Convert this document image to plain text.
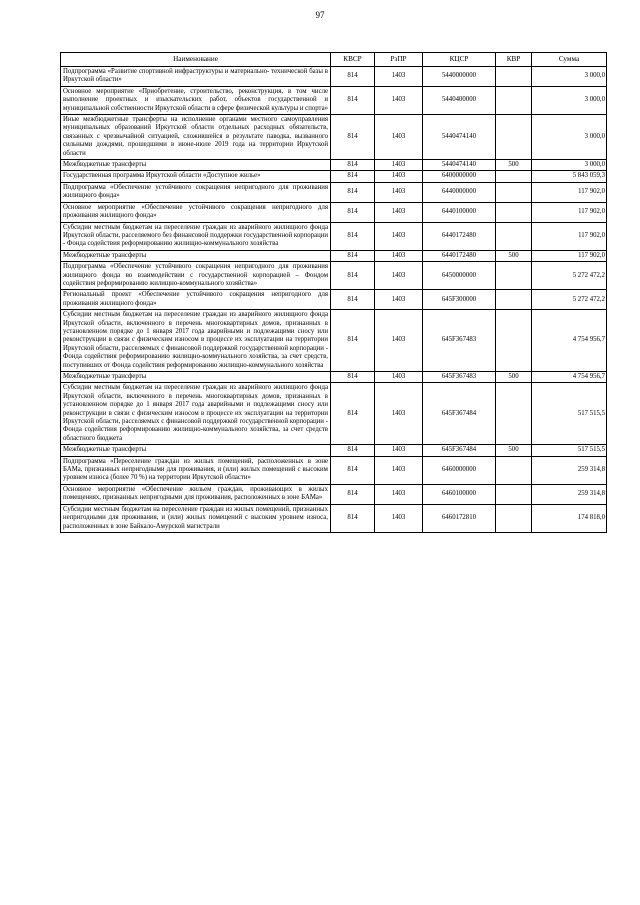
97
Наименование	КВСР	РзПР	КЦСР	КВР	Сумма
Подпрограмма «Развитие спортивной инфраструктуры и материально- технической базы в Иркутской области»	814	1403	5440000000		3 000,0
Основное мероприятие «Приобретение, строительство, реконструкция, в том числе выполнение проектных и изыскательских работ, объектов государственной и муниципальной собственности Иркутской области в сфере физической культуры и спорта»	814	1403	5440400000		3 000,0
Иные межбюджетные трансферты на исполнение органами местного самоуправления муниципальных образований Иркутской области отдельных расходных обязательств, связанных с чрезвычайной ситуацией, сложившейся в результате паводка, вызванного сильными дождями, прошедшими в июне-июле 2019 года на территории Иркутской области	814	1403	5440474140		3 000,0
Межбюджетные трансферты	814	1403	5440474140	500	3 000,0
Государственная программа Иркутской области «Доступное жилье»	814	1403	6400000000		5 843 059,3
Подпрограмма «Обеспечение устойчивого сокращения непригодного для проживания жилищного фонда»	814	1403	6440000000		117 902,0
Основное мероприятие «Обеспечение устойчивого сокращения непригодного для проживания жилищного фонда»	814	1403	6440100000		117 902,0
Субсидии местным бюджетам на переселение граждан из аварийного жилищного фонда Иркутской области, расселяемого без финансовой поддержки государственной корпорации - Фонда содействия реформированию жилищно-коммунального хозяйства	814	1403	6440172480		117 902,0
Межбюджетные трансферты	814	1403	6440172480	500	117 902,0
Подпрограмма «Обеспечение устойчивого сокращения непригодного для проживания жилищного фонда во взаимодействии с государственной корпорацией – Фондом содействия реформированию жилищно-коммунального хозяйства»	814	1403	6450000000		5 272 472,2
Региональный проект «Обеспечение устойчивого сокращения непригодного для проживания жилищного фонда»	814	1403	645F300000		5 272 472,2
Субсидии местным бюджетам на переселение граждан из аварийного жилищного фонда Иркутской области, включенного в перечень многоквартирных домов, признанных в установленном порядке до 1 января 2017 года аварийными и подлежащими сносу или реконструкции в связи с физическим износом в процессе их эксплуатации на территории Иркутской области, расселяемых с финансовой поддержкой государственной корпорации - Фонда содействия реформированию жилищно-коммунального хозяйства, за счет средств, поступивших от Фонда содействия реформированию жилищно-коммунального хозяйства	814	1403	645F367483		4 754 956,7
Межбюджетные трансферты	814	1403	645F367483	500	4 754 956,7
Субсидии местным бюджетам на переселение граждан из аварийного жилищного фонда Иркутской области, включенного в перечень многоквартирных домов, признанных в установленном порядке до 1 января 2017 года аварийными и подлежащими сносу или реконструкции в связи с физическим износом в процессе их эксплуатации на территории Иркутской области, расселяемых с финансовой поддержкой государственной корпорации - Фонда содействия реформированию жилищно-коммунального хозяйства, за счет средств областного бюджета	814	1403	645F367484		517 515,5
Межбюджетные трансферты	814	1403	645F367484	500	517 515,5
Подпрограмма «Переселение граждан из жилых помещений, расположенных в зоне БАМа, признанных непригодными для проживания, и (или) жилых помещений с высоким уровнем износа (более 70 %) на территории Иркутской области»	814	1403	6460000000		259 314,8
Основное мероприятие «Обеспечение жильем граждан, проживающих в жилых помещениях, признанных непригодными для проживания, расположенных в зоне БАМа»	814	1403	6460100000		259 314,8
Субсидии местным бюджетам на переселение граждан из жилых помещений, признанных непригодными для проживания, и (или) жилых помещений с высоким уровнем износа, расположенных в зоне Байкало-Амурской магистрали	814	1403	6460172810		174 818,0
